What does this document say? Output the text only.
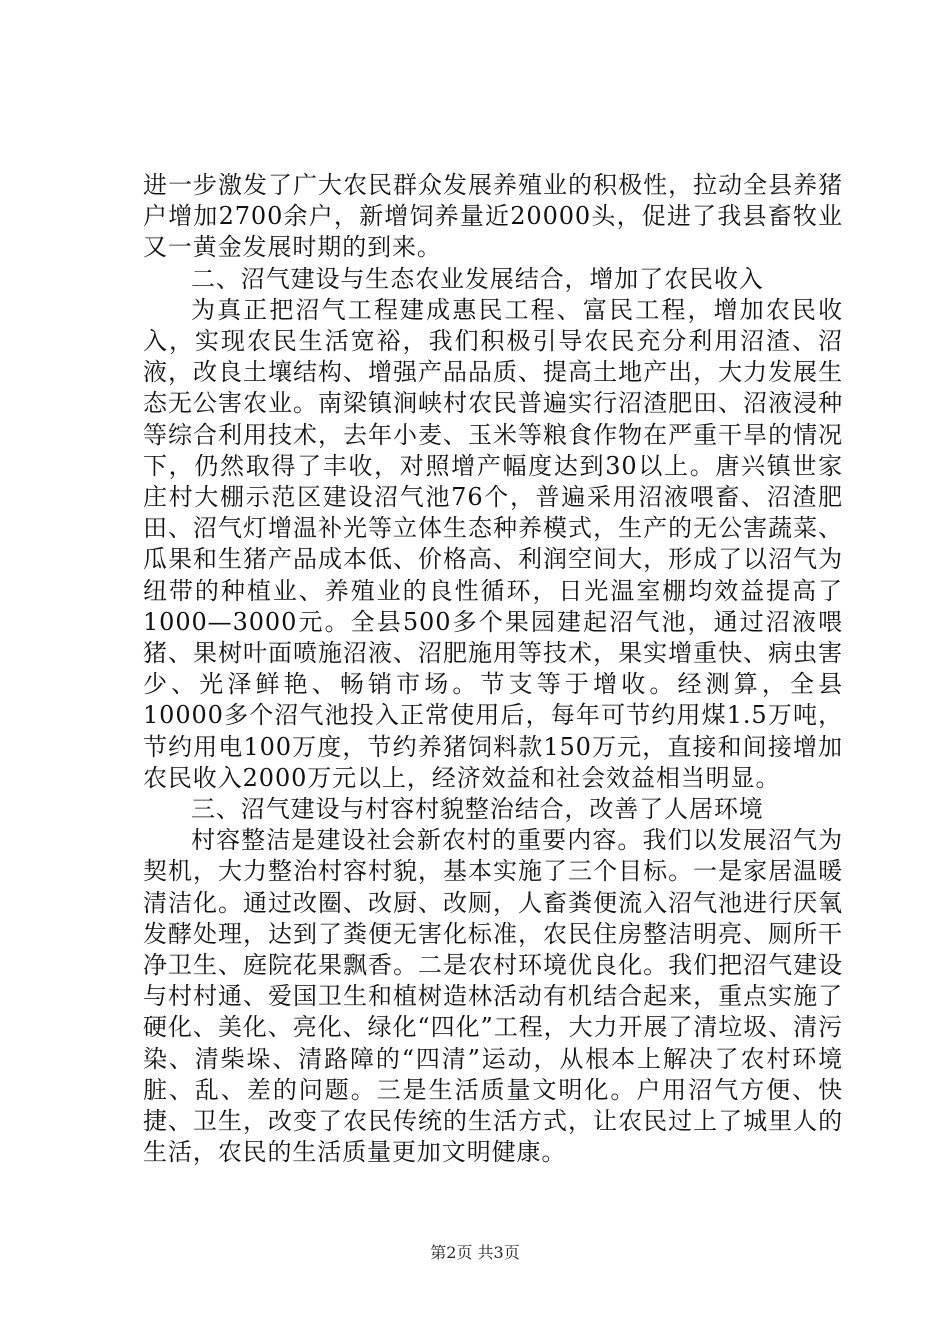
进一步激发了广大农民群众发展养殖业的积极性，拉动全县养猪户增加2700余户，新增饲养量近20000头，促进了我县畜牧业又一黄金发展时期的到来。

二、沼气建设与生态农业发展结合，增加了农民收入

为真正把沼气工程建成惠民工程、富民工程，增加农民收入，实现农民生活宽裕，我们积极引导农民充分利用沼渣、沼液，改良土壤结构、增强产品品质、提高土地产出，大力发展生态无公害农业。南梁镇涧峡村农民普遍实行沼渣肥田、沼液浸种等综合利用技术，去年小麦、玉米等粮食作物在严重干旱的情况下，仍然取得了丰收，对照增产幅度达到30以上。唐兴镇世家庄村大棚示范区建设沼气池76个，普遍采用沼液喂畜、沼渣肥田、沼气灯增温补光等立体生态种养模式，生产的无公害蔬菜、瓜果和生猪产品成本低、价格高、利润空间大，形成了以沼气为纽带的种植业、养殖业的良性循环，日光温室棚均效益提高了1000—3000元。全县500多个果园建起沼气池，通过沼液喂猪、果树叶面喷施沼液、沼肥施用等技术，果实增重快、病虫害少、光泽鲜艳、畅销市场。节支等于增收。经测算，全县10000多个沼气池投入正常使用后，每年可节约用煤1.5万吨，节约用电100万度，节约养猪饲料款150万元，直接和间接增加农民收入2000万元以上，经济效益和社会效益相当明显。

三、沼气建设与村容村貌整治结合，改善了人居环境

村容整洁是建设社会新农村的重要内容。我们以发展沼气为契机，大力整治村容村貌，基本实施了三个目标。一是家居温暖清洁化。通过改圈、改厨、改厕，人畜粪便流入沼气池进行厌氧发酵处理，达到了粪便无害化标准，农民住房整洁明亮、厕所干净卫生、庭院花果飘香。二是农村环境优良化。我们把沼气建设与村村通、爱国卫生和植树造林活动有机结合起来，重点实施了硬化、美化、亮化、绿化“四化”工程，大力开展了清垃圾、清污染、清柴垛、清路障的“四清”运动，从根本上解决了农村环境脏、乱、差的问题。三是生活质量文明化。户用沼气方便、快捷、卫生，改变了农民传统的生活方式，让农民过上了城里人的生活，农民的生活质量更加文明健康。

第2页 共3页
